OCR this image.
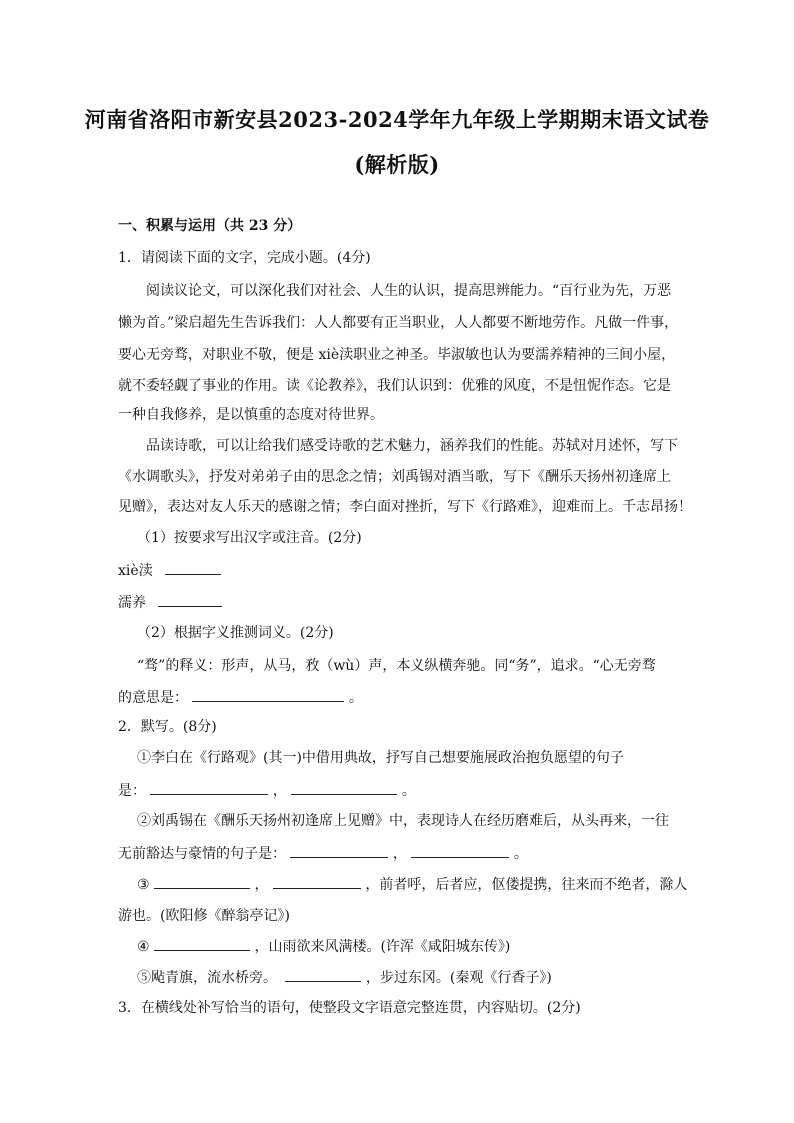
河南省洛阳市新安县2023-2024学年九年级上学期期末语文试卷
(解析版)
一、积累与运用（共 23 分）
1．请阅读下面的文字，完成小题。(4分)
阅读议论文，可以深化我们对社会、人生的认识，提高思辨能力。“百行业为先，万恶
懒为首。”梁启超先生告诉我们：人人都要有正当职业，人人都要不断地劳作。凡做一件事，
要心无旁骛，对职业不敬，便是 xiè渎职业之神圣。毕淑敏也认为要濡养精神的三间小屋，
就不委轻觑了事业的作用。读《论教养》，我们认识到：优雅的风度，不是忸怩作态。它是
一种自我修养，是以慎重的态度对待世界。
品读诗歌，可以让给我们感受诗歌的艺术魅力，涵养我们的性能。苏轼对月述怀，写下
《水调歌头》，抒发对弟弟子由的思念之情；刘禹锡对酒当歌，写下《酬乐天扬州初逢席上
见赠》，表达对友人乐天的感谢之情；李白面对挫折，写下《行路难》，迎难而上。千志昂扬！
（1）按要求写出汉字或注音。(2分)
xiè渎
濡养
（2）根据字义推测词义。(2分)
“骛”的释义：形声，从马，敄（wù）声，本义纵横奔驰。同“务”，追求。“心无旁骛
的意思是：	。
2．默写。(8分)
①李白在《行路观》(其一)中借用典故，抒写自己想要施展政治抱负愿望的句子
是：	，	。
②刘禹锡在《酬乐天扬州初逢席上见赠》中，表现诗人在经历磨难后，从头再来，一往
无前豁达与豪情的句子是：	，	。
③	，	，前者呼，后者应，伛偻提携，往来而不绝者，滁人
游也。(欧阳修《醉翁亭记》)
④	，山雨欲来风满楼。(许浑《咸阳城东传》)
⑤飐青旗，流水桥旁。	，步过东冈。(秦观《行香子》)
3．在横线处补写恰当的语句，使整段文字语意完整连贯，内容贴切。(2分)
